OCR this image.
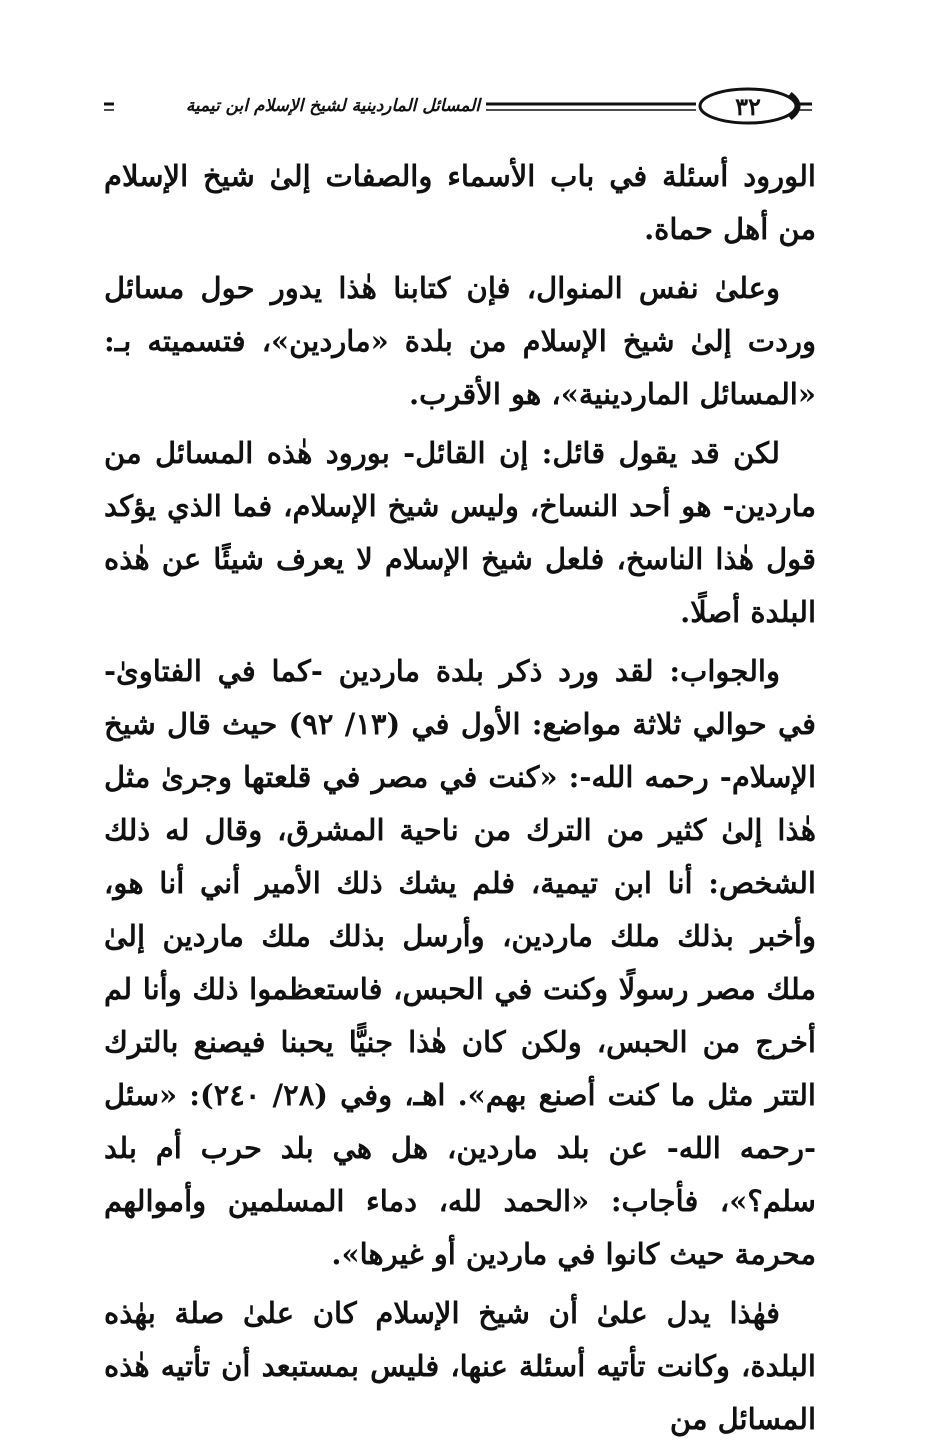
٣٢
المسائل الماردينية لشيخ الإسلام ابن تيمية

الورود أسئلة في باب الأسماء والصفات إلىٰ شيخ الإسلام من أهل حماة.

وعلىٰ نفس المنوال، فإن كتابنا هٰذا يدور حول مسائل وردت إلىٰ شيخ الإسلام من بلدة «ماردين»، فتسميته بـ: «المسائل الماردينية»، هو الأقرب.

لكن قد يقول قائل: إن القائل- بورود هٰذه المسائل من ماردين- هو أحد النساخ، وليس شيخ الإسلام، فما الذي يؤكد قول هٰذا الناسخ، فلعل شيخ الإسلام لا يعرف شيئًا عن هٰذه البلدة أصلًا.

والجواب: لقد ورد ذكر بلدة ماردين -كما في الفتاوىٰ- في حوالي ثلاثة مواضع: الأول في (١٣/ ٩٢) حيث قال شيخ الإسلام- رحمه الله-: «كنت في مصر في قلعتها وجرىٰ مثل هٰذا إلىٰ كثير من الترك من ناحية المشرق، وقال له ذلك الشخص: أنا ابن تيمية، فلم يشك ذلك الأمير أني أنا هو، وأخبر بذلك ملك ماردين، وأرسل بذلك ملك ماردين إلىٰ ملك مصر رسولًا وكنت في الحبس، فاستعظموا ذلك وأنا لم أخرج من الحبس، ولكن كان هٰذا جنيًّا يحبنا فيصنع بالترك التتر مثل ما كنت أصنع بهم». اهـ، وفي (٢٨/ ٢٤٠): «سئل -رحمه الله- عن بلد ماردين، هل هي بلد حرب أم بلد سلم؟»، فأجاب: «الحمد لله، دماء المسلمين وأموالهم محرمة حيث كانوا في ماردين أو غيرها».

فهٰذا يدل علىٰ أن شيخ الإسلام كان علىٰ صلة بهٰذه البلدة، وكانت تأتيه أسئلة عنها، فليس بمستبعد أن تأتيه هٰذه المسائل من
